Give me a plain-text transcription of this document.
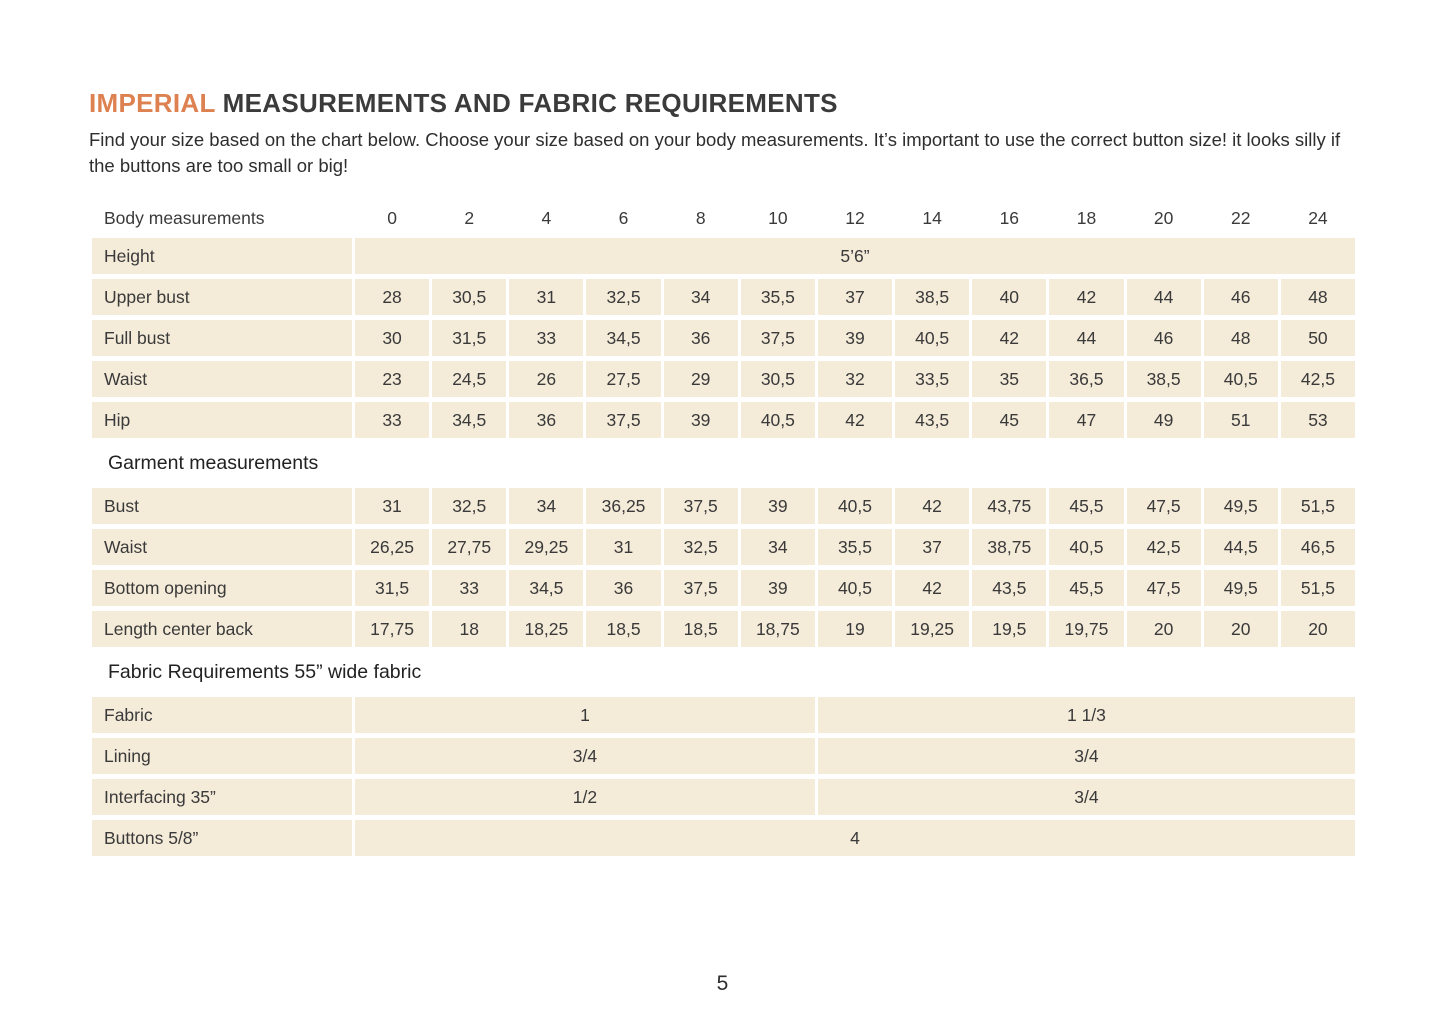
IMPERIAL MEASUREMENTS AND FABRIC REQUIREMENTS

Find your size based on the chart below. Choose your size based on your body measurements. It’s important to use the correct button size! it looks silly if the buttons are too small or big!

Body measurements	0	2	4	6	8	10	12	14	16	18	20	22	24
Height	5’6”
Upper bust	28	30,5	31	32,5	34	35,5	37	38,5	40	42	44	46	48
Full bust	30	31,5	33	34,5	36	37,5	39	40,5	42	44	46	48	50
Waist	23	24,5	26	27,5	29	30,5	32	33,5	35	36,5	38,5	40,5	42,5
Hip	33	34,5	36	37,5	39	40,5	42	43,5	45	47	49	51	53
Garment measurements
Bust	31	32,5	34	36,25	37,5	39	40,5	42	43,75	45,5	47,5	49,5	51,5
Waist	26,25	27,75	29,25	31	32,5	34	35,5	37	38,75	40,5	42,5	44,5	46,5
Bottom opening	31,5	33	34,5	36	37,5	39	40,5	42	43,5	45,5	47,5	49,5	51,5
Length center back	17,75	18	18,25	18,5	18,5	18,75	19	19,25	19,5	19,75	20	20	20
Fabric Requirements 55” wide fabric
Fabric	1	1 1/3
Lining	3/4	3/4
Interfacing 35”	1/2	3/4
Buttons 5/8”	4
5
